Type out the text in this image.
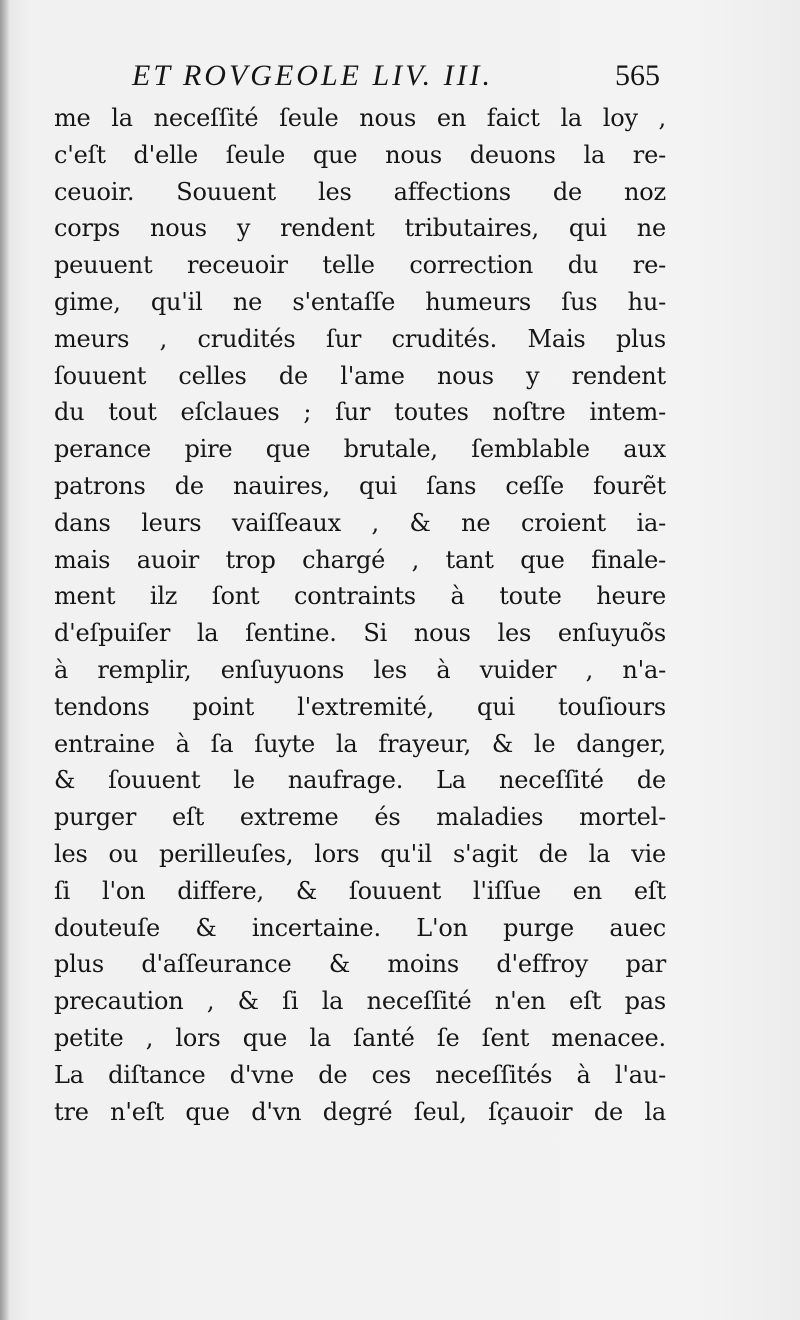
ET ROVGEOLE LIV. III.	565
me la neceſſité ſeule nous en faict la loy ,
c'eſt d'elle ſeule que nous deuons la re-
ceuoir. Souuent les affections de noz
corps nous y rendent tributaires, qui ne
peuuent receuoir telle correction du re-
gime, qu'il ne s'entaſſe humeurs ſus hu-
meurs , crudités ſur crudités. Mais plus
ſouuent celles de l'ame nous y rendent
du tout eſclaues ; ſur toutes noſtre intem-
perance pire que brutale, ſemblable aux
patrons de nauires, qui ſans ceſſe fourẽt
dans leurs vaiſſeaux , & ne croient ia-
mais auoir trop chargé , tant que finale-
ment ilz ſont contraints à toute heure
d'eſpuiſer la ſentine. Si nous les enſuyuõs
à remplir, enſuyuons les à vuider , n'a-
tendons point l'extremité, qui touſiours
entraine à ſa ſuyte la frayeur, & le danger,
& ſouuent le naufrage. La neceſſité de
purger eſt extreme és maladies mortel-
les ou perilleuſes, lors qu'il s'agit de la vie
ſi l'on differe, & ſouuent l'iſſue en eſt
douteuſe & incertaine. L'on purge auec
plus d'aſſeurance & moins d'effroy par
precaution , & ſi la neceſſité n'en eſt pas
petite , lors que la ſanté ſe ſent menacee.
La diſtance d'vne de ces neceſſités à l'au-
tre n'eſt que d'vn degré ſeul, ſçauoir de la
